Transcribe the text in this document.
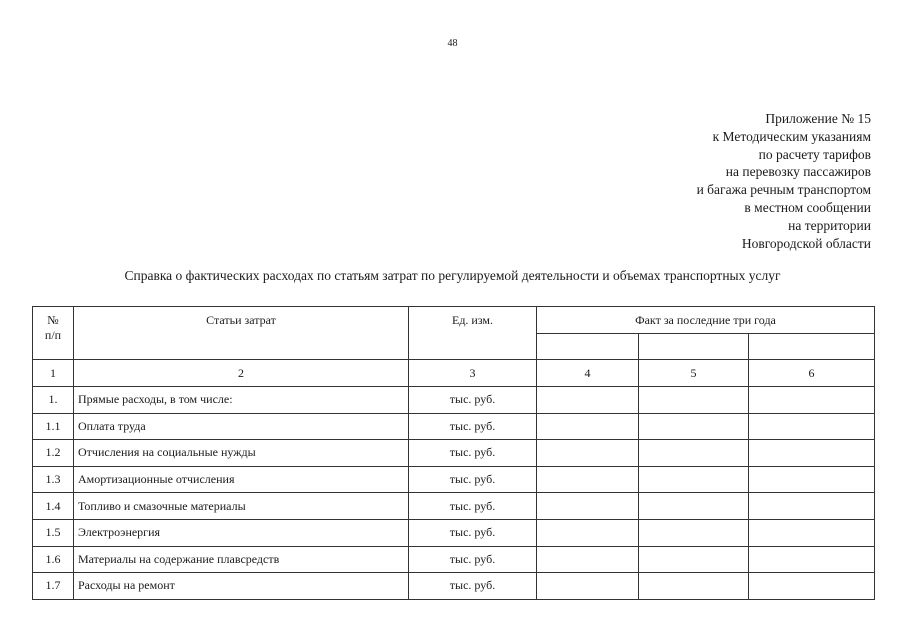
48
Приложение № 15
к Методическим указаниям
по расчету тарифов
на перевозку пассажиров
и багажа речным транспортом
в местном сообщении
на территории
Новгородской области
Справка о фактических расходах по статьям затрат по регулируемой деятельности и объемах транспортных услуг
№
п/п	Статьи затрат	Ед. изм.	Факт за последние три года		

1	2	3	4	5	6
1.	Прямые расходы, в том числе:	тыс. руб.			
1.1	Оплата труда	тыс. руб.			
1.2	Отчисления на социальные нужды	тыс. руб.			
1.3	Амортизационные отчисления	тыс. руб.			
1.4	Топливо и смазочные материалы	тыс. руб.			
1.5	Электроэнергия	тыс. руб.			
1.6	Материалы на содержание плавсредств	тыс. руб.			
1.7	Расходы на ремонт	тыс. руб.			
